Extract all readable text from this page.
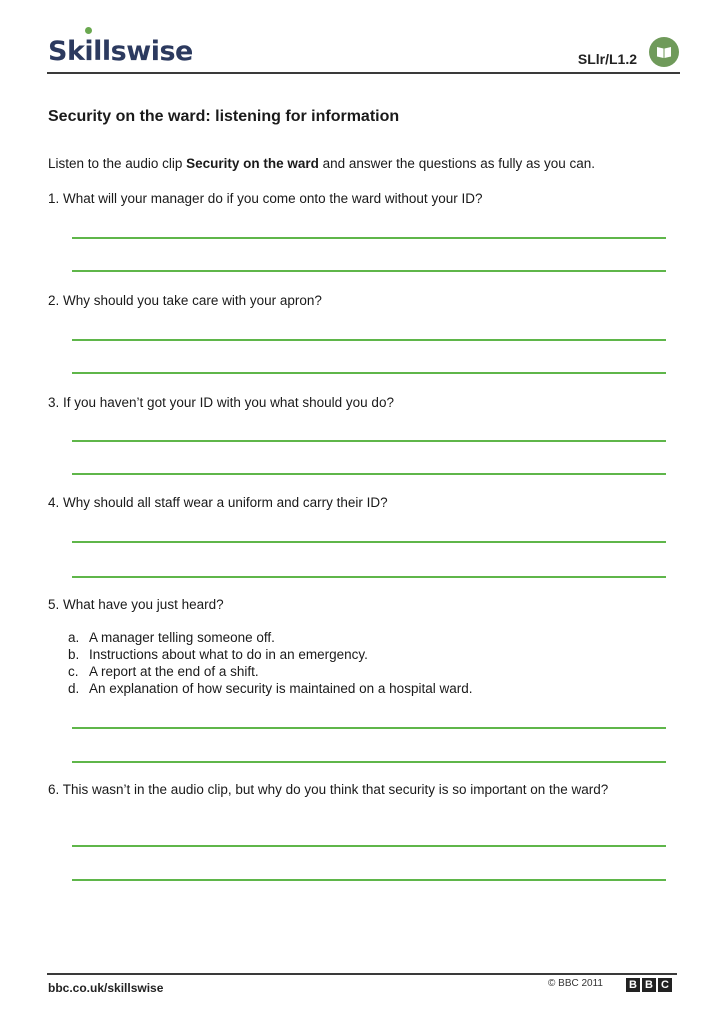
Ski
llswise	SLlr/L1.2
Security on the ward: listening for information
Listen to the audio clip Security on the ward and answer the questions as fully as you can.
1. What will your manager do if you come onto the ward without your ID?
2. Why should you take care with your apron?
3. If you haven’t got your ID with you what should you do?
4. Why should all staff wear a uniform and carry their ID?
5. What have you just heard?
a. A manager telling someone off.
b. Instructions about what to do in an emergency.
c. A report at the end of a shift.
d. An explanation of how security is maintained on a hospital ward.
6. This wasn’t in the audio clip, but why do you think that security is so important on the ward?
bbc.co.uk/skillswise	© BBC 2011 B B C
